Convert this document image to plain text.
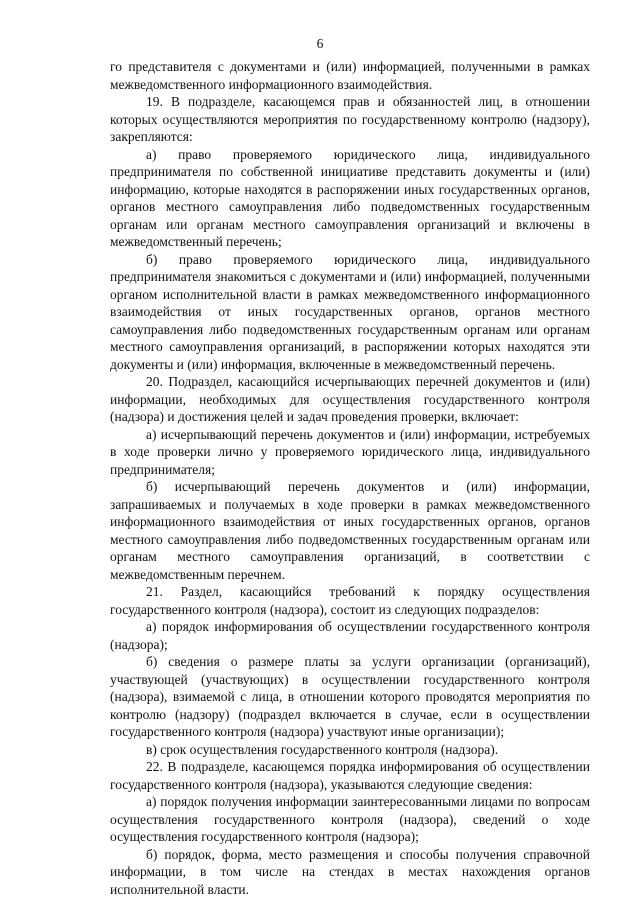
6

го представителя с документами и (или) информацией, полученными в рамках межведомственного информационного взаимодействия.

19. В подразделе, касающемся прав и обязанностей лиц, в отношении которых осуществляются мероприятия по государственному контролю (надзору), закрепляются:

а) право проверяемого юридического лица, индивидуального предпринимателя по собственной инициативе представить документы и (или) информацию, которые находятся в распоряжении иных государственных органов, органов местного самоуправления либо подведомственных государственным органам или органам местного самоуправления организаций и включены в межведомственный перечень;

б) право проверяемого юридического лица, индивидуального предпринимателя знакомиться с документами и (или) информацией, полученными органом исполнительной власти в рамках межведомственного информационного взаимодействия от иных государственных органов, органов местного самоуправления либо подведомственных государственным органам или органам местного самоуправления организаций, в распоряжении которых находятся эти документы и (или) информация, включенные в межведомственный перечень.

20. Подраздел, касающийся исчерпывающих перечней документов и (или) информации, необходимых для осуществления государственного контроля (надзора) и достижения целей и задач проведения проверки, включает:

а) исчерпывающий перечень документов и (или) информации, истребуемых в ходе проверки лично у проверяемого юридического лица, индивидуального предпринимателя;

б) исчерпывающий перечень документов и (или) информации, запрашиваемых и получаемых в ходе проверки в рамках межведомственного информационного взаимодействия от иных государственных органов, органов местного самоуправления либо подведомственных государственным органам или органам местного самоуправления организаций, в соответствии с межведомственным перечнем.

21. Раздел, касающийся требований к порядку осуществления государственного контроля (надзора), состоит из следующих подразделов:

а) порядок информирования об осуществлении государственного контроля (надзора);

б) сведения о размере платы за услуги организации (организаций), участвующей (участвующих) в осуществлении государственного контроля (надзора), взимаемой с лица, в отношении которого проводятся мероприятия по контролю (надзору) (подраздел включается в случае, если в осуществлении государственного контроля (надзора) участвуют иные организации);

в) срок осуществления государственного контроля (надзора).

22. В подразделе, касающемся порядка информирования об осуществлении государственного контроля (надзора), указываются следующие сведения:

а) порядок получения информации заинтересованными лицами по вопросам осуществления государственного контроля (надзора), сведений о ходе осуществления государственного контроля (надзора);

б) порядок, форма, место размещения и способы получения справочной информации, в том числе на стендах в местах нахождения органов исполнительной власти.
